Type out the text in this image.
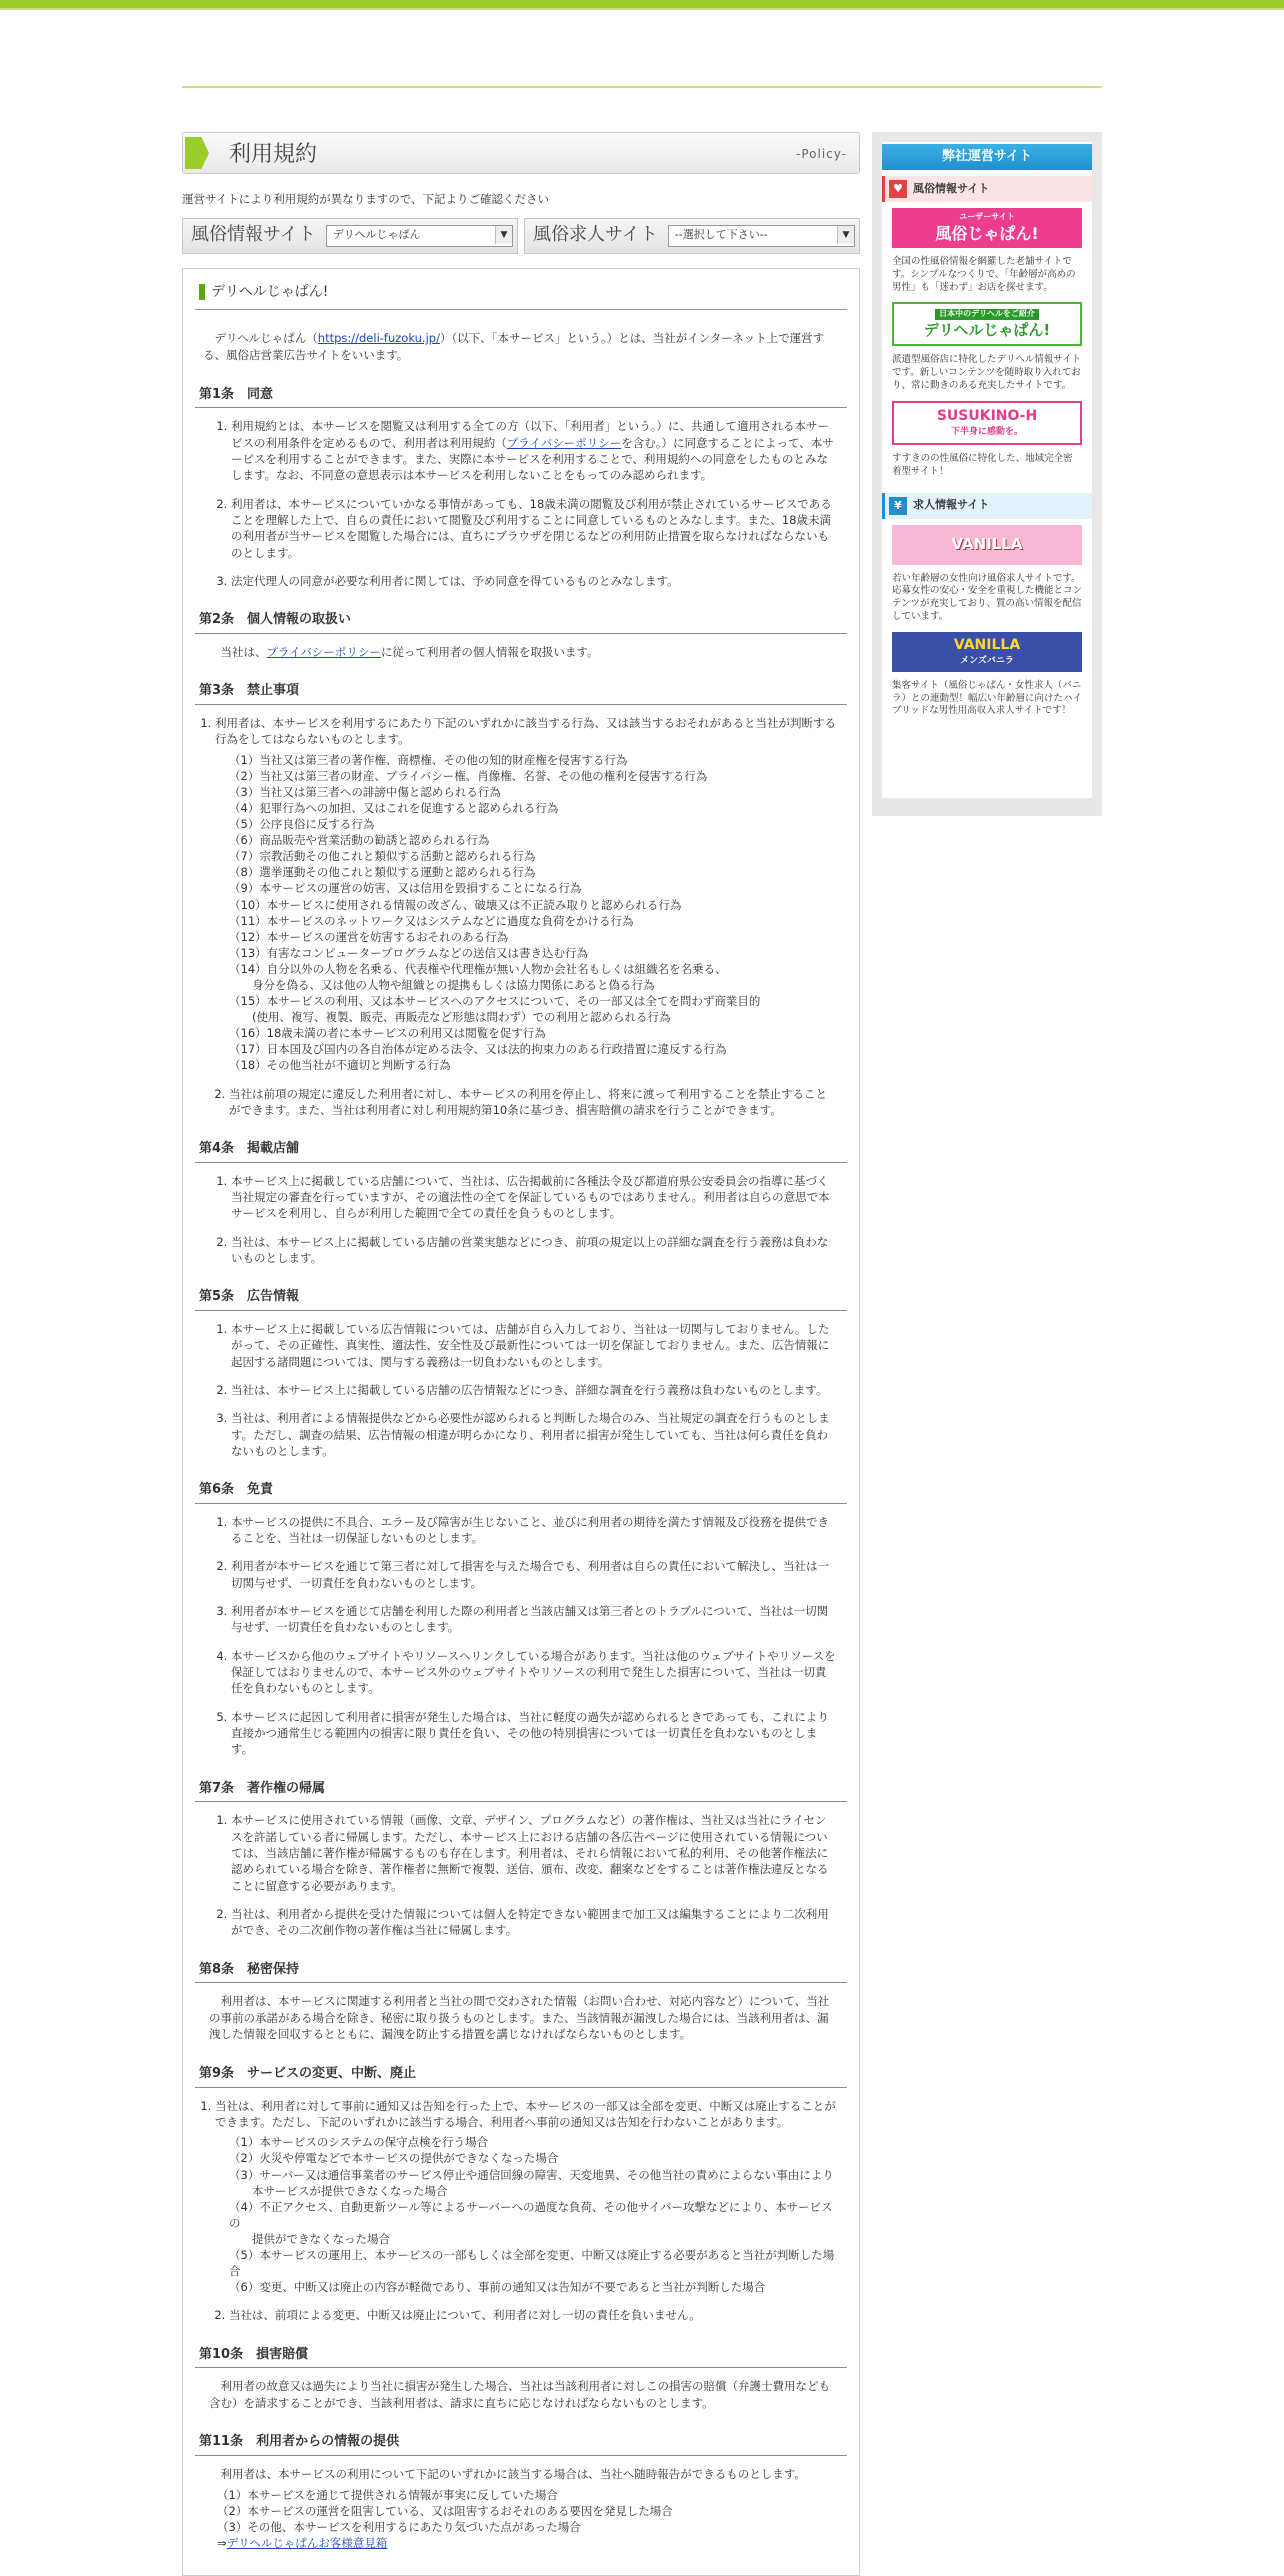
利用規約	-Policy-
運営サイトにより利用規約が異なりますので、下記よりご確認ください
風俗情報サイト デリヘルじゃぱん	▼ 風俗求人サイト --選択して下さい--	▼
デリヘルじゃぱん!
デリヘルじゃぱん（https://deli-fuzoku.jp/）（以下、「本サービス」という。）とは、当社がインターネット上で運営する、風俗店営業広告サイトをいいます。
第1条　同意
1. 利用規約とは、本サービスを閲覧又は利用する全ての方（以下、「利用者」という。）に、共通して適用される本サービスの利用条件を定めるもので、利用者は利用規約（プライバシーポリシーを含む。）に同意することによって、本サービスを利用することができます。また、実際に本サービスを利用することで、利用規約への同意をしたものとみなします。なお、不同意の意思表示は本サービスを利用しないことをもってのみ認められます。
2. 利用者は、本サービスについていかなる事情があっても、18歳未満の閲覧及び利用が禁止されているサービスであることを理解した上で、自らの責任において閲覧及び利用することに同意しているものとみなします。また、18歳未満の利用者が当サービスを閲覧した場合には、直ちにブラウザを閉じるなどの利用防止措置を取らなければならないものとします。
3. 法定代理人の同意が必要な利用者に関しては、予め同意を得ているものとみなします。
第2条　個人情報の取扱い
　当社は、プライバシーポリシーに従って利用者の個人情報を取扱います。
第3条　禁止事項
1. 利用者は、本サービスを利用するにあたり下記のいずれかに該当する行為、又は該当するおそれがあると当社が判断する行為をしてはならないものとします。
（1）当社又は第三者の著作権、商標権、その他の知的財産権を侵害する行為
（2）当社又は第三者の財産、プライバシー権、肖像権、名誉、その他の権利を侵害する行為
（3）当社又は第三者への誹謗中傷と認められる行為
（4）犯罪行為への加担、又はこれを促進すると認められる行為
（5）公序良俗に反する行為
（6）商品販売や営業活動の勧誘と認められる行為
（7）宗教活動その他これと類似する活動と認められる行為
（8）選挙運動その他これと類似する運動と認められる行為
（9）本サービスの運営の妨害、又は信用を毀損することになる行為
（10）本サービスに使用される情報の改ざん、破壊又は不正読み取りと認められる行為
（11）本サービスのネットワーク又はシステムなどに過度な負荷をかける行為
（12）本サービスの運営を妨害するおそれのある行為
（13）有害なコンピュータープログラムなどの送信又は書き込む行為
（14）自分以外の人物を名乗る、代表権や代理権が無い人物か会社名もしくは組織名を名乗る、
　　身分を偽る、又は他の人物や組織との提携もしくは協力関係にあると偽る行為
（15）本サービスの利用、又は本サービスへのアクセスについて、その一部又は全てを問わず商業目的
　　(使用、複写、複製、販売、再販売など形態は問わず）での利用と認められる行為
（16）18歳未満の者に本サービスの利用又は閲覧を促す行為
（17）日本国及び国内の各自治体が定める法令、又は法的拘束力のある行政措置に違反する行為
（18）その他当社が不適切と判断する行為
2. 当社は前項の規定に違反した利用者に対し、本サービスの利用を停止し、将来に渡って利用することを禁止することができます。また、当社は利用者に対し利用規約第10条に基づき、損害賠償の請求を行うことができます。
第4条　掲載店舗
1. 本サービス上に掲載している店舗について、当社は、広告掲載前に各種法令及び都道府県公安委員会の指導に基づく当社規定の審査を行っていますが、その適法性の全てを保証しているものではありません。利用者は自らの意思で本サービスを利用し、自らが利用した範囲で全ての責任を負うものとします。
2. 当社は、本サービス上に掲載している店舗の営業実態などにつき、前項の規定以上の詳細な調査を行う義務は負わないものとします。
第5条　広告情報
1. 本サービス上に掲載している広告情報については、店舗が自ら入力しており、当社は一切関与しておりません。したがって、その正確性、真実性、適法性、安全性及び最新性については一切を保証しておりません。また、広告情報に起因する諸問題については、関与する義務は一切負わないものとします。
2. 当社は、本サービス上に掲載している店舗の広告情報などにつき、詳細な調査を行う義務は負わないものとします。
3. 当社は、利用者による情報提供などから必要性が認められると判断した場合のみ、当社規定の調査を行うものとします。ただし、調査の結果、広告情報の相違が明らかになり、利用者に損害が発生していても、当社は何ら責任を負わないものとします。
第6条　免責
1. 本サービスの提供に不具合、エラー及び障害が生じないこと、並びに利用者の期待を満たす情報及び役務を提供できることを、当社は一切保証しないものとします。
2. 利用者が本サービスを通じて第三者に対して損害を与えた場合でも、利用者は自らの責任において解決し、当社は一切関与せず、一切責任を負わないものとします。
3. 利用者が本サービスを通じて店舗を利用した際の利用者と当該店舗又は第三者とのトラブルについて、当社は一切関与せず、一切責任を負わないものとします。
4. 本サービスから他のウェブサイトやリソースへリンクしている場合があります。当社は他のウェブサイトやリソースを保証してはおりませんので、本サービス外のウェブサイトやリソースの利用で発生した損害について、当社は一切責任を負わないものとします。
5. 本サービスに起因して利用者に損害が発生した場合は、当社に軽度の過失が認められるときであっても、これにより直接かつ通常生じる範囲内の損害に限り責任を負い、その他の特別損害については一切責任を負わないものとします。
第7条　著作権の帰属
1. 本サービスに使用されている情報（画像、文章、デザイン、プログラムなど）の著作権は、当社又は当社にライセンスを許諾している者に帰属します。ただし、本サービス上における店舗の各広告ページに使用されている情報については、当該店舗に著作権が帰属するものも存在します。利用者は、それら情報において私的利用、その他著作権法に認められている場合を除き、著作権者に無断で複製、送信、頒布、改変、翻案などをすることは著作権法違反となることに留意する必要があります。
2. 当社は、利用者から提供を受けた情報については個人を特定できない範囲まで加工又は編集することにより二次利用ができ、その二次創作物の著作権は当社に帰属します。
第8条　秘密保持
利用者は、本サービスに関連する利用者と当社の間で交わされた情報（お問い合わせ、対応内容など）について、当社の事前の承諾がある場合を除き、秘密に取り扱うものとします。また、当該情報が漏洩した場合には、当該利用者は、漏洩した情報を回収するとともに、漏洩を防止する措置を講じなければならないものとします。
第9条　サービスの変更、中断、廃止
1. 当社は、利用者に対して事前に通知又は告知を行った上で、本サービスの一部又は全部を変更、中断又は廃止することができます。ただし、下記のいずれかに該当する場合、利用者へ事前の通知又は告知を行わないことがあります。
（1）本サービスのシステムの保守点検を行う場合
（2）火災や停電などで本サービスの提供ができなくなった場合
（3）サーバー又は通信事業者のサービス停止や通信回線の障害、天変地異、その他当社の責めによらない事由により
　　本サービスが提供できなくなった場合
（4）不正アクセス、自動更新ツール等によるサーバーへの過度な負荷、その他サイバー攻撃などにより、本サービスの
　　提供ができなくなった場合
（5）本サービスの運用上、本サービスの一部もしくは全部を変更、中断又は廃止する必要があると当社が判断した場合
（6）変更、中断又は廃止の内容が軽微であり、事前の通知又は告知が不要であると当社が判断した場合
2. 当社は、前項による変更、中断又は廃止について、利用者に対し一切の責任を負いません。
第10条　損害賠償
利用者の故意又は過失により当社に損害が発生した場合、当社は当該利用者に対しこの損害の賠償（弁護士費用なども含む）を請求することができ、当該利用者は、請求に直ちに応じなければならないものとします。
第11条　利用者からの情報の提供
利用者は、本サービスの利用について下記のいずれかに該当する場合は、当社へ随時報告ができるものとします。
（1）本サービスを通じて提供される情報が事実に反していた場合
（2）本サービスの運営を阻害している、又は阻害するおそれのある要因を発見した場合
（3）その他、本サービスを利用するにあたり気づいた点があった場合
⇒デリヘルじゃぱんお客様意見箱
弊社運営サイト
♥ 風俗情報サイト
ユーザーサイト
風俗じゃぱん!
全国の性風俗情報を網羅した老舗サイトです。シンプルなつくりで、「年齢層が高めの男性」も「迷わず」お店を探せます。
日本中のデリヘルをご紹介
デリヘルじゃぱん!
派遣型風俗店に特化したデリヘル情報サイトです。新しいコンテンツを随時取り入れており、常に動きのある充実したサイトです。
SUSUKINO-H
下半身に感動を。
すすきのの性風俗に特化した、地域完全密着型サイト！
¥	求人情報サイト
VANILLA
若い年齢層の女性向け風俗求人サイトです。応募女性の安心・安全を重視した機能とコンテンツが充実しており、質の高い情報を配信しています。
VANILLA
メンズバニラ
集客サイト（風俗じゃぱん・女性求人（バニラ）との連動型！幅広い年齢層に向けたハイブリッドな男性用高収入求人サイトです！
